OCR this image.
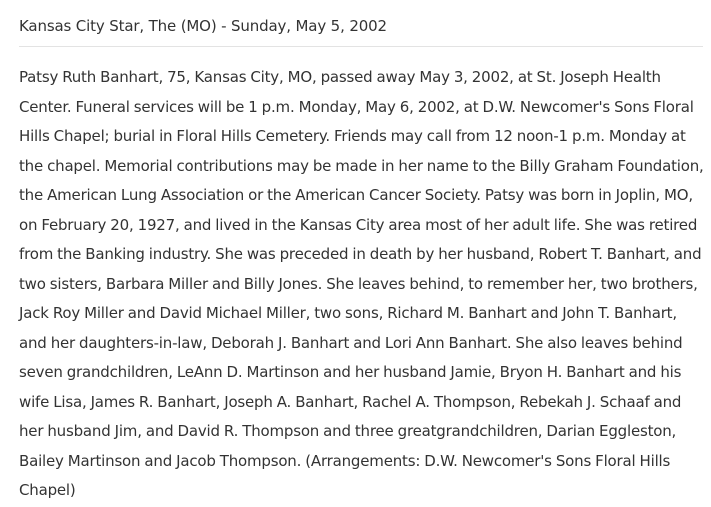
Kansas City Star, The (MO) - Sunday, May 5, 2002
Patsy Ruth Banhart, 75, Kansas City, MO, passed away May 3, 2002, at St. Joseph Health
Center. Funeral services will be 1 p.m. Monday, May 6, 2002, at D.W. Newcomer's Sons Floral
Hills Chapel; burial in Floral Hills Cemetery. Friends may call from 12 noon-1 p.m. Monday at
the chapel. Memorial contributions may be made in her name to the Billy Graham Foundation,
the American Lung Association or the American Cancer Society. Patsy was born in Joplin, MO,
on February 20, 1927, and lived in the Kansas City area most of her adult life. She was retired
from the Banking industry. She was preceded in death by her husband, Robert T. Banhart, and
two sisters, Barbara Miller and Billy Jones. She leaves behind, to remember her, two brothers,
Jack Roy Miller and David Michael Miller, two sons, Richard M. Banhart and John T. Banhart,
and her daughters-in-law, Deborah J. Banhart and Lori Ann Banhart. She also leaves behind
seven grandchildren, LeAnn D. Martinson and her husband Jamie, Bryon H. Banhart and his
wife Lisa, James R. Banhart, Joseph A. Banhart, Rachel A. Thompson, Rebekah J. Schaaf and
her husband Jim, and David R. Thompson and three greatgrandchildren, Darian Eggleston,
Bailey Martinson and Jacob Thompson. (Arrangements: D.W. Newcomer's Sons Floral Hills
Chapel)
